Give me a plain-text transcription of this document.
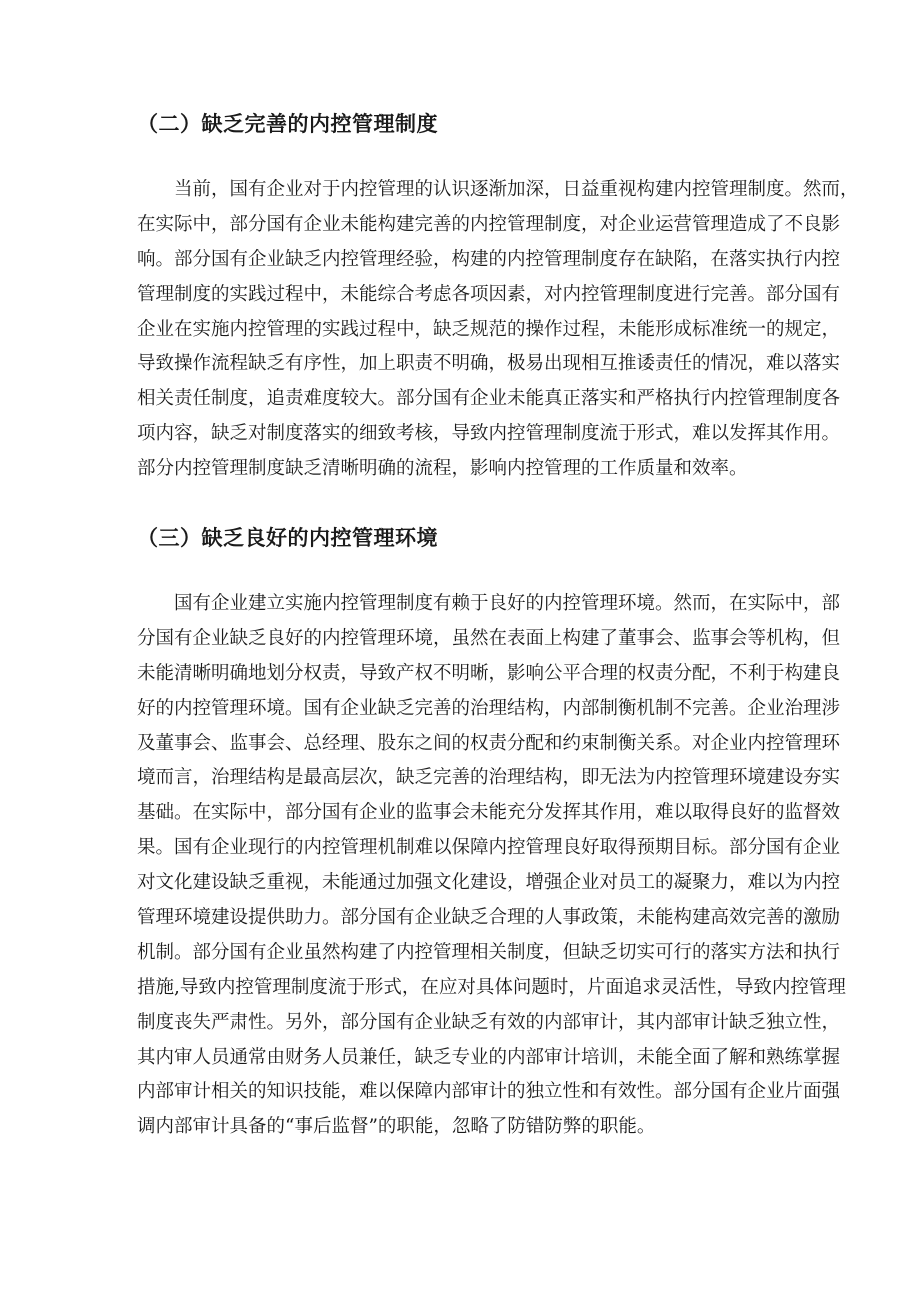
（二）缺乏完善的内控管理制度

当前，国有企业对于内控管理的认识逐渐加深，日益重视构建内控管理制度。然而，

在实际中，部分国有企业未能构建完善的内控管理制度，对企业运营管理造成了不良影

响。部分国有企业缺乏内控管理经验，构建的内控管理制度存在缺陷，在落实执行内控

管理制度的实践过程中，未能综合考虑各项因素，对内控管理制度进行完善。部分国有

企业在实施内控管理的实践过程中，缺乏规范的操作过程，未能形成标准统一的规定，

导致操作流程缺乏有序性，加上职责不明确，极易出现相互推诿责任的情况，难以落实

相关责任制度，追责难度较大。部分国有企业未能真正落实和严格执行内控管理制度各

项内容，缺乏对制度落实的细致考核，导致内控管理制度流于形式，难以发挥其作用。

部分内控管理制度缺乏清晰明确的流程，影响内控管理的工作质量和效率。

（三）缺乏良好的内控管理环境

国有企业建立实施内控管理制度有赖于良好的内控管理环境。然而，在实际中，部

分国有企业缺乏良好的内控管理环境，虽然在表面上构建了董事会、监事会等机构，但

未能清晰明确地划分权责，导致产权不明晰，影响公平合理的权责分配，不利于构建良

好的内控管理环境。国有企业缺乏完善的治理结构，内部制衡机制不完善。企业治理涉

及董事会、监事会、总经理、股东之间的权责分配和约束制衡关系。对企业内控管理环

境而言，治理结构是最高层次，缺乏完善的治理结构，即无法为内控管理环境建设夯实

基础。在实际中，部分国有企业的监事会未能充分发挥其作用，难以取得良好的监督效

果。国有企业现行的内控管理机制难以保障内控管理良好取得预期目标。部分国有企业

对文化建设缺乏重视，未能通过加强文化建设，增强企业对员工的凝聚力，难以为内控

管理环境建设提供助力。部分国有企业缺乏合理的人事政策，未能构建高效完善的激励

机制。部分国有企业虽然构建了内控管理相关制度，但缺乏切实可行的落实方法和执行

措施,导致内控管理制度流于形式，在应对具体问题时，片面追求灵活性，导致内控管理

制度丧失严肃性。另外，部分国有企业缺乏有效的内部审计，其内部审计缺乏独立性，

其内审人员通常由财务人员兼任，缺乏专业的内部审计培训，未能全面了解和熟练掌握

内部审计相关的知识技能，难以保障内部审计的独立性和有效性。部分国有企业片面强

调内部审计具备的“事后监督”的职能，忽略了防错防弊的职能。
